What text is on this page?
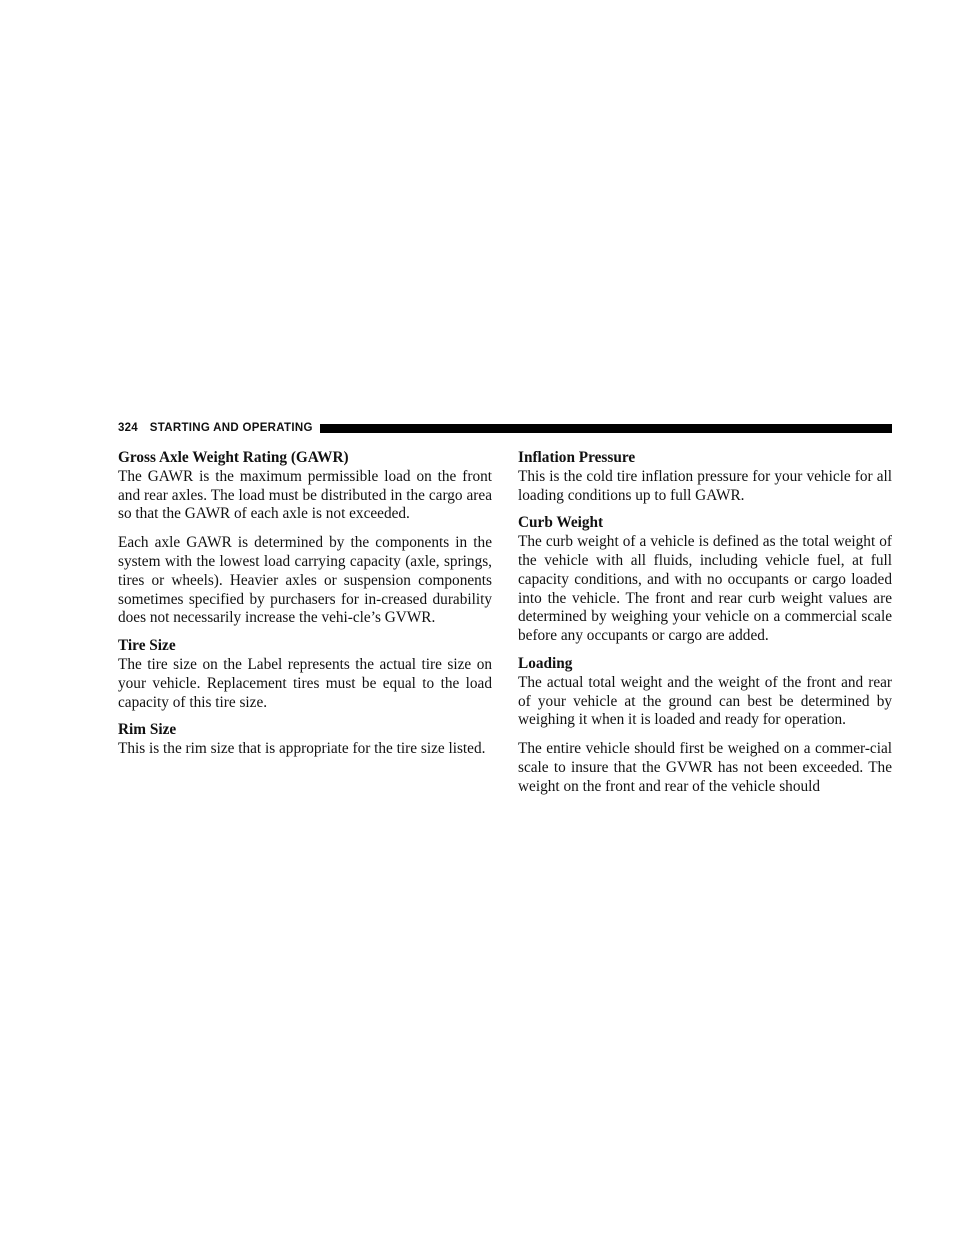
324 STARTING AND OPERATING

Gross Axle Weight Rating (GAWR)

The GAWR is the maximum permissible load on the front and rear axles. The load must be distributed in the cargo area so that the GAWR of each axle is not exceeded.

Each axle GAWR is determined by the components in the system with the lowest load carrying capacity (axle, springs, tires or wheels). Heavier axles or suspension components sometimes specified by purchasers for in-creased durability does not necessarily increase the vehi-cle’s GVWR.

Tire Size

The tire size on the Label represents the actual tire size on your vehicle. Replacement tires must be equal to the load capacity of this tire size.

Rim Size

This is the rim size that is appropriate for the tire size listed.

Inflation Pressure

This is the cold tire inflation pressure for your vehicle for all loading conditions up to full GAWR.

Curb Weight

The curb weight of a vehicle is defined as the total weight of the vehicle with all fluids, including vehicle fuel, at full capacity conditions, and with no occupants or cargo loaded into the vehicle. The front and rear curb weight values are determined by weighing your vehicle on a commercial scale before any occupants or cargo are added.

Loading

The actual total weight and the weight of the front and rear of your vehicle at the ground can best be determined by weighing it when it is loaded and ready for operation.

The entire vehicle should first be weighed on a commer-cial scale to insure that the GVWR has not been exceeded. The weight on the front and rear of the vehicle should
